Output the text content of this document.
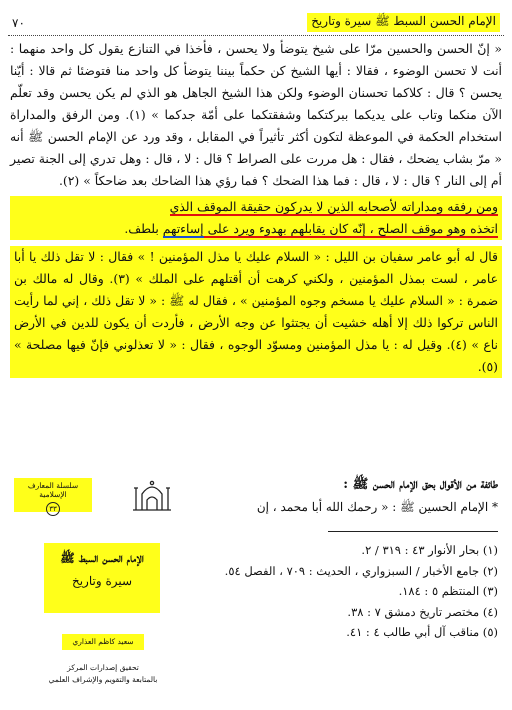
الإمام الحسن السبط ﷺ سيرة وتاريخ
٧٠

« إنّ الحسن والحسين مرّا على شيخ يتوضأ ولا يحسن ، فأخذا في التنازع يقول كل واحد منهما : أنت لا تحسن الوضوء ، فقالا : أيها الشيخ كن حكماً بيننا يتوضأ كل واحد منا فتوضئا ثم قالا : أيّنا يحسن ؟ قال : كلاكما تحسنان الوضوء ولكن هذا الشيخ الجاهل هو الذي لم يكن يحسن وقد تعلّم الآن منكما وتاب على يديكما ببركتكما وشفقتكما على أمّة جدكما » (١). ومن الرفق والمداراة استخدام الحكمة في الموعظة لتكون أكثر تأثيراً في المقابل ، وقد ورد عن الإمام الحسن ﷺ أنه « مرّ بشاب يضحك ، فقال : هل مررت على الصراط ؟ قال : لا ، قال : وهل تدري إلى الجنة تصير أم إلى النار ؟ قال : لا ، قال : فما هذا الضحك ؟ فما رؤي هذا الضاحك بعد ضاحكاً » (٢).

ومن رفقه ومداراته لأصحابه الذين لا يدركون حقيقة الموقف الذي

اتخذه وهو موقف الصلح ، إنّه كان يقابلهم بهدوء ويرد على إساءتهم بلطف.

قال له أبو عامر سفيان بن الليل : « السلام عليك يا مذل المؤمنين ! » فقال : لا تقل ذلك يا أبا عامر ، لست بمذل المؤمنين ، ولكني كرهت أن أقتلهم على الملك » (٣). وقال له مالك بن ضمرة : « السلام عليك يا مسخم وجوه المؤمنين » ، فقال له ﷺ : « لا تقل ذلك ، إني لما رأيت الناس تركوا ذلك إلا أهله خشيت أن يجتثوا عن وجه الأرض ، فأردت أن يكون للدين في الأرض ناع » (٤). وقيل له : يا مذل المؤمنين ومسوّد الوجوه ، فقال : « لا تعذلوني فإنّ فيها مصلحة » (٥).

سلسلة المعارف الإسلامية
٣٣
طائفة من الأقوال بحق الإمام الحسن ﷺ :
* الإمام الحسين ﷺ : « رحمك الله أبا محمد ، إن
الإمام الحسن السبط ﷺ
سيرة وتاريخ
سعيد كاظم العذاري
تحقيق إصدارات المركز
بالمتابعة والتقويم والإشراف العلمي
(١) بحار الأنوار ٤٣ : ٣١٩ / ٢.
(٢) جامع الأخبار / السبزواري ، الحديث : ٧٠٩ ، الفصل ٥٤.
(٣) المنتظم ٥ : ١٨٤.
(٤) مختصر تاريخ دمشق ٧ : ٣٨.
(٥) مناقب آل أبي طالب ٤ : ٤١.
